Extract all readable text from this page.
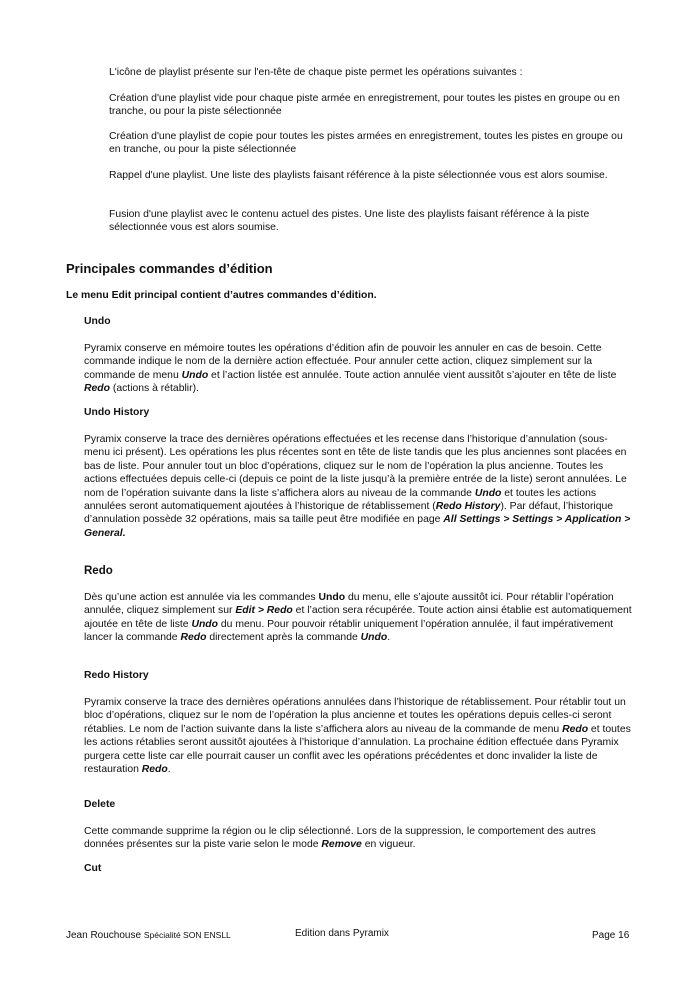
L'icône de playlist présente sur l'en-tête de chaque piste permet les opérations suivantes :
Création d'une playlist vide pour chaque piste armée en enregistrement, pour toutes les pistes en groupe ou en tranche, ou pour la piste sélectionnée
Création d'une playlist de copie pour toutes les pistes armées en enregistrement, toutes les pistes en groupe ou en tranche, ou pour la piste sélectionnée
Rappel d'une playlist. Une liste des playlists faisant référence à la piste sélectionnée vous est alors soumise.
Fusion d'une playlist avec le contenu actuel des pistes. Une liste des playlists faisant référence à la piste sélectionnée vous est alors soumise.
Principales commandes d’édition
Le menu Edit principal contient d’autres commandes d’édition.
Undo
Pyramix conserve en mémoire toutes les opérations d’édition afin de pouvoir les annuler en cas de besoin. Cette commande indique le nom de la dernière action effectuée. Pour annuler cette action, cliquez simplement sur la commande de menu Undo et l’action listée est annulée. Toute action annulée vient aussitôt s’ajouter en tête de liste Redo (actions à rétablir).
Undo History
Pyramix conserve la trace des dernières opérations effectuées et les recense dans l’historique d’annulation (sous-menu ici présent). Les opérations les plus récentes sont en tête de liste tandis que les plus anciennes sont placées en bas de liste. Pour annuler tout un bloc d’opérations, cliquez sur le nom de l’opération la plus ancienne. Toutes les actions effectuées depuis celle-ci (depuis ce point de la liste jusqu’à la première entrée de la liste) seront annulées. Le nom de l’opération suivante dans la liste s’affichera alors au niveau de la commande Undo et toutes les actions annulées seront automatiquement ajoutées à l’historique de rétablissement (Redo History). Par défaut, l’historique d’annulation possède 32 opérations, mais sa taille peut être modifiée en page All Settings > Settings > Application > General.
Redo
Dès qu’une action est annulée via les commandes Undo du menu, elle s’ajoute aussitôt ici. Pour rétablir l’opération annulée, cliquez simplement sur Edit > Redo et l’action sera récupérée. Toute action ainsi établie est automatiquement ajoutée en tête de liste Undo du menu. Pour pouvoir rétablir uniquement l’opération annulée, il faut impérativement lancer la commande Redo directement après la commande Undo.
Redo History
Pyramix conserve la trace des dernières opérations annulées dans l’historique de rétablissement. Pour rétablir tout un bloc d’opérations, cliquez sur le nom de l’opération la plus ancienne et toutes les opérations depuis celles-ci seront rétablies. Le nom de l’action suivante dans la liste s’affichera alors au niveau de la commande de menu Redo et toutes les actions rétablies seront aussitôt ajoutées à l’historique d’annulation. La prochaine édition effectuée dans Pyramix purgera cette liste car elle pourrait causer un conflit avec les opérations précédentes et donc invalider la liste de restauration Redo.
Delete
Cette commande supprime la région ou le clip sélectionné. Lors de la suppression, le comportement des autres données présentes sur la piste varie selon le mode Remove en vigueur.
Cut
Jean Rouchouse Spécialité SON ENSLL	Edition dans Pyramix	Page 16
